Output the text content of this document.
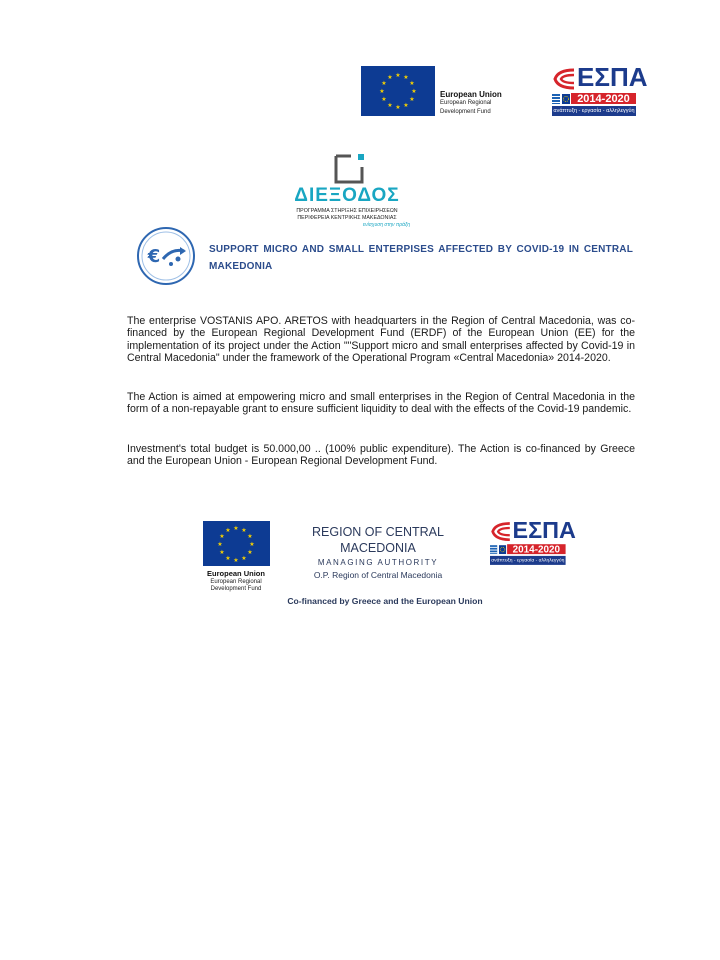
★ ★
★
★
★
★
★
★
★
★
★
★
European Union
European Regional
Development Fund
ΕΣΠΑ
2014-2020
ανάπτυξη - εργασία - αλληλεγγύη
ΔΙΕΞΟΔΟΣ
ΠΡΟΓΡΑΜΜΑ ΣΤΗΡΙΞΗΣ ΕΠΙΧΕΙΡΗΣΕΩΝ
ΠΕΡΙΦΕΡΕΙΑ ΚΕΝΤΡΙΚΗΣ ΜΑΚΕΔΟΝΙΑΣ
ενίσχυση στην πράξη
€	SUPPORT MICRO AND SMALL ENTERPISES AFFECTED BY COVID-19 IN CENTRAL MAKEDONIA

The enterprise VOSTANIS APO. ARETOS with headquarters in the Region of Central Macedonia, was co-financed by the European Regional Development Fund (ERDF) of the European Union (EE) for the implementation of its project under the Action ""Support micro and small enterprises affected by Covid-19 in Central Macedonia" under the framework of the Operational Program «Central Macedonia» 2014-2020.

The Action is aimed at empowering micro and small enterprises in the Region of Central Macedonia in the form of a non-repayable grant to ensure sufficient liquidity to deal with the effects of the Covid-19 pandemic.

Investment's total budget is 50.000,00 .. (100% public expenditure). The Action is co-financed by Greece and the European Union - European Regional Development Fund.

★ ★
★
★
★
★
★
★
★
★
★
★
European Union
European Regional
Development Fund
REGION OF CENTRAL MACEDONIA
MANAGING AUTHORITY
O.P. Region of Central Macedonia
ΕΣΠΑ
2014-2020
ανάπτυξη - εργασία - αλληλεγγύη
Co-financed by Greece and the European Union
